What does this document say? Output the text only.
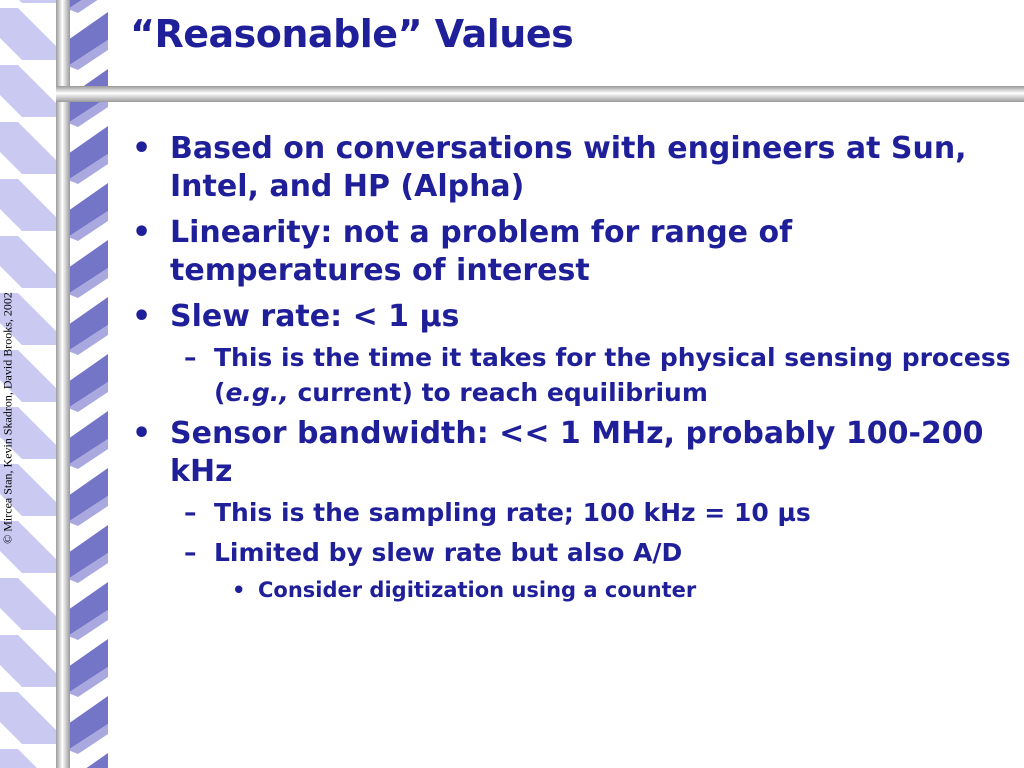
© Mircea Stan, Kevin Skadron, David Brooks, 2002
“Reasonable” Values
• Based on conversations with engineers at Sun, Intel, and HP (Alpha)
• Linearity: not a problem for range of temperatures of interest
• Slew rate: < 1 µs
– This is the time it takes for the physical sensing process (e.g., current) to reach equilibrium
• Sensor bandwidth: << 1 MHz, probably 100-200 kHz
– This is the sampling rate; 100 kHz = 10 µs
– Limited by slew rate but also A/D
• Consider digitization using a counter
